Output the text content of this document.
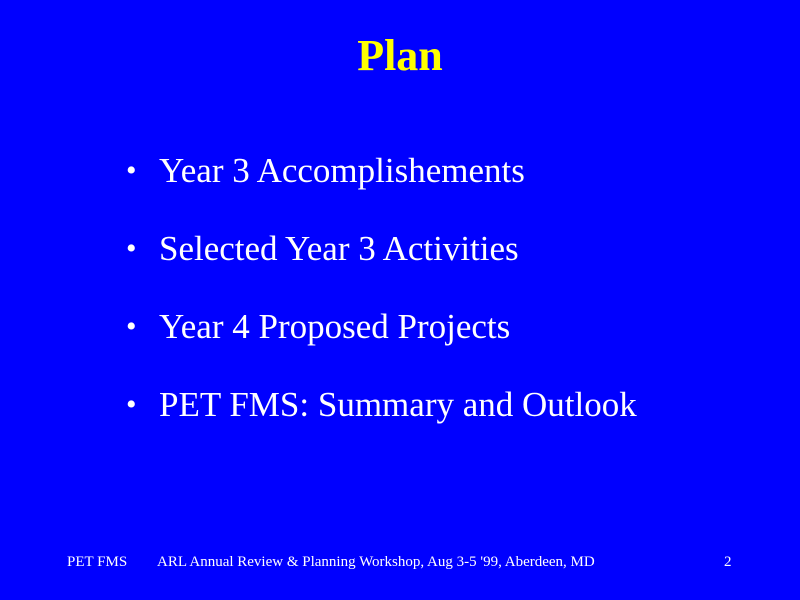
Plan
• Year 3 Accomplishements
• Selected Year 3 Activities
• Year 4 Proposed Projects
• PET FMS: Summary and Outlook
PET FMS ARL Annual Review & Planning Workshop, Aug 3-5 '99, Aberdeen, MD	2
